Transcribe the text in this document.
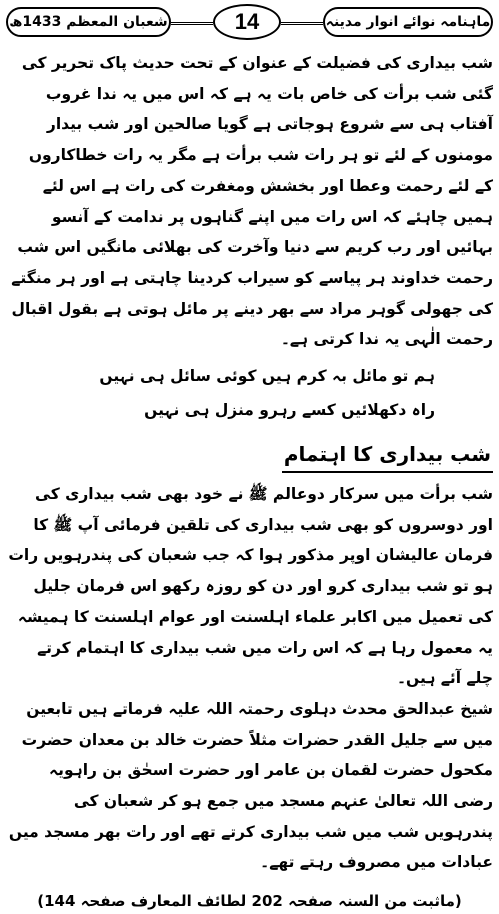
شعبان المعظم 1433ھ	14	ماہنامہ نوائے انوار مدینہ

شب بیداری کی فضیلت کے عنوان کے تحت حدیث پاک تحریر کی گئی شب برأت کی خاص بات یہ ہے کہ اس میں یہ ندا غروب آفتاب ہی سے شروع ہوجاتی ہے گویا صالحین اور شب بیدار مومنوں کے لئے تو ہر رات شب برأت ہے مگر یہ رات خطاکاروں کے لئے رحمت وعطا اور بخشش ومغفرت کی رات ہے اس لئے ہمیں چاہئے کہ اس رات میں اپنے گناہوں پر ندامت کے آنسو بہائیں اور رب کریم سے دنیا وآخرت کی بھلائی مانگیں اس شب رحمت خداوند ہر پیاسے کو سیراب کردینا چاہتی ہے اور ہر منگتے کی جھولی گوہر مراد سے بھر دینے پر مائل ہوتی ہے بقول اقبال رحمت الٰہی یہ ندا کرتی ہے۔

ہم تو مائل بہ کرم ہیں کوئی سائل ہی نہیں
راہ دکھلائیں کسے رہرو منزل ہی نہیں
شب بیداری کا اہتمام

شب برأت میں سرکار دوعالم ﷺ نے خود بھی شب بیداری کی اور دوسروں کو بھی شب بیداری کی تلقین فرمائی آپ ﷺ کا فرمان عالیشان اوپر مذکور ہوا کہ جب شعبان کی پندرہویں رات ہو تو شب بیداری کرو اور دن کو روزہ رکھو اس فرمان جلیل کی تعمیل میں اکابر علماء اہلسنت اور عوام اہلسنت کا ہمیشہ یہ معمول رہا ہے کہ اس رات میں شب بیداری کا اہتمام کرتے چلے آئے ہیں۔

شیخ عبدالحق محدث دہلوی رحمتہ اللہ علیہ فرماتے ہیں تابعین میں سے جلیل القدر حضرات مثلاً حضرت خالد بن معدان حضرت مکحول حضرت لقمان بن عامر اور حضرت اسحٰق بن راہویہ رضی اللہ تعالیٰ عنہم مسجد میں جمع ہو کر شعبان کی پندرہویں شب میں شب بیداری کرتے تھے اور رات بھر مسجد میں عبادات میں مصروف رہتے تھے۔

(ماثبت من السنہ صفحہ 202 لطائف المعارف صفحہ 144)
